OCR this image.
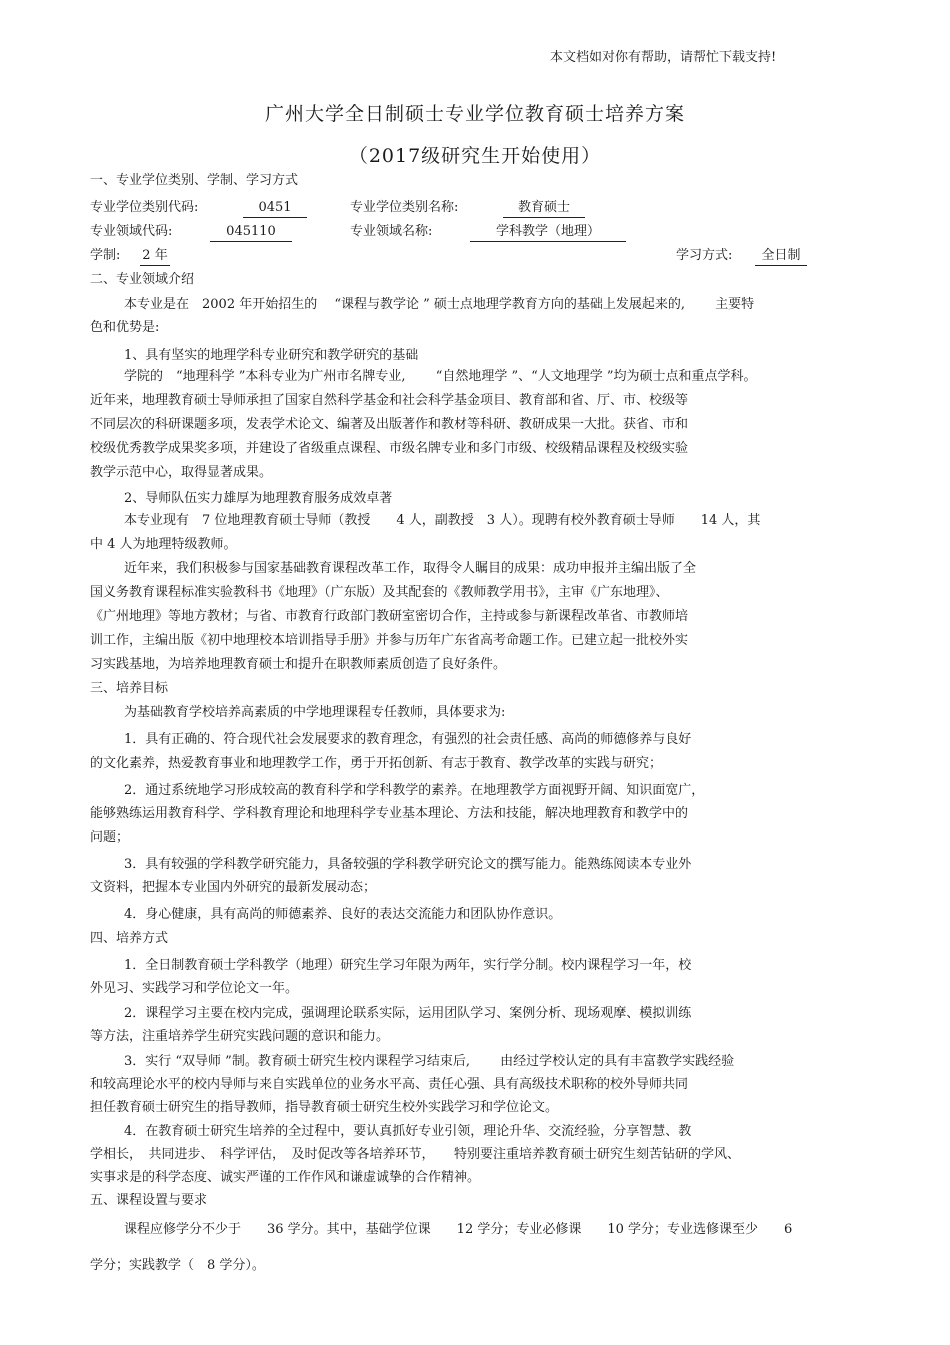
本文档如对你有帮助，请帮忙下载支持!
广州大学全日制硕士专业学位教育硕士培养方案
（2017级研究生开始使用）
一、专业学位类别、学制、学习方式
专业学位类别代码:	0451	专业学位类别名称:	教育硕士
专业领域代码:	045110	专业领域名称:	学科教学（地理）
学制: 2 年	学习方式:	全日制
二、专业领域介绍
本专业是在　2002 年开始招生的　 “课程与教学论 ” 硕士点地理学教育方向的基础上发展起来的,　　 主要特
色和优势是:
1、具有坚实的地理学科专业研究和教学研究的基础
学院的　“地理科学 ”本科专业为广州市名牌专业,　　 “自然地理学 ”、“人文地理学 ”均为硕士点和重点学科。
近年来，地理教育硕士导师承担了国家自然科学基金和社会科学基金项目、教育部和省、厅、市、校级等
不同层次的科研课题多项，发表学术论文、编著及出版著作和教材等科研、教研成果一大批。获省、市和
校级优秀教学成果奖多项，并建设了省级重点课程、市级名牌专业和多门市级、校级精品课程及校级实验
教学示范中心，取得显著成果。
2、导师队伍实力雄厚为地理教育服务成效卓著
本专业现有　7 位地理教育硕士导师（教授　　4 人，副教授　3 人）。现聘有校外教育硕士导师　　14 人，其
中 4 人为地理特级教师。
近年来，我们积极参与国家基础教育课程改革工作，取得令人瞩目的成果：成功申报并主编出版了全
国义务教育课程标准实验教科书《地理》（广东版）及其配套的《教师教学用书》，主审《广东地理》、
《广州地理》等地方教材；与省、市教育行政部门教研室密切合作，主持或参与新课程改革省、市教师培
训工作，主编出版《初中地理校本培训指导手册》并参与历年广东省高考命题工作。已建立起一批校外实
习实践基地，为培养地理教育硕士和提升在职教师素质创造了良好条件。
三、培养目标
为基础教育学校培养高素质的中学地理课程专任教师，具体要求为:
1．具有正确的、符合现代社会发展要求的教育理念，有强烈的社会责任感、高尚的师德修养与良好
的文化素养，热爱教育事业和地理教学工作，勇于开拓创新、有志于教育、教学改革的实践与研究；
2．通过系统地学习形成较高的教育科学和学科教学的素养。在地理教学方面视野开阔、知识面宽广，
能够熟练运用教育科学、学科教育理论和地理科学专业基本理论、方法和技能，解决地理教育和教学中的
问题；
3．具有较强的学科教学研究能力，具备较强的学科教学研究论文的撰写能力。能熟练阅读本专业外
文资料，把握本专业国内外研究的最新发展动态；
4．身心健康，具有高尚的师德素养、良好的表达交流能力和团队协作意识。
四、培养方式
1．全日制教育硕士学科教学（地理）研究生学习年限为两年，实行学分制。校内课程学习一年，校
外见习、实践学习和学位论文一年。
2．课程学习主要在校内完成，强调理论联系实际，运用团队学习、案例分析、现场观摩、模拟训练
等方法，注重培养学生研究实践问题的意识和能力。
3．实行 “双导师 ”制。教育硕士研究生校内课程学习结束后,　　 由经过学校认定的具有丰富教学实践经验
和较高理论水平的校内导师与来自实践单位的业务水平高、责任心强、具有高级技术职称的校外导师共同
担任教育硕士研究生的指导教师，指导教育硕士研究生校外实践学习和学位论文。
4．在教育硕士研究生培养的全过程中，要认真抓好专业引领，理论升华、交流经验，分享智慧、教
学相长，　共同进步、　科学评估，　及时促改等各培养环节，　　特别要注重培养教育硕士研究生刻苦钻研的学风、
实事求是的科学态度、诚实严谨的工作作风和谦虚诚挚的合作精神。
五、课程设置与要求
课程应修学分不少于　　36 学分。其中，基础学位课　　12 学分；专业必修课　　10 学分；专业选修课至少　　6
学分；实践教学（　8 学分）。
